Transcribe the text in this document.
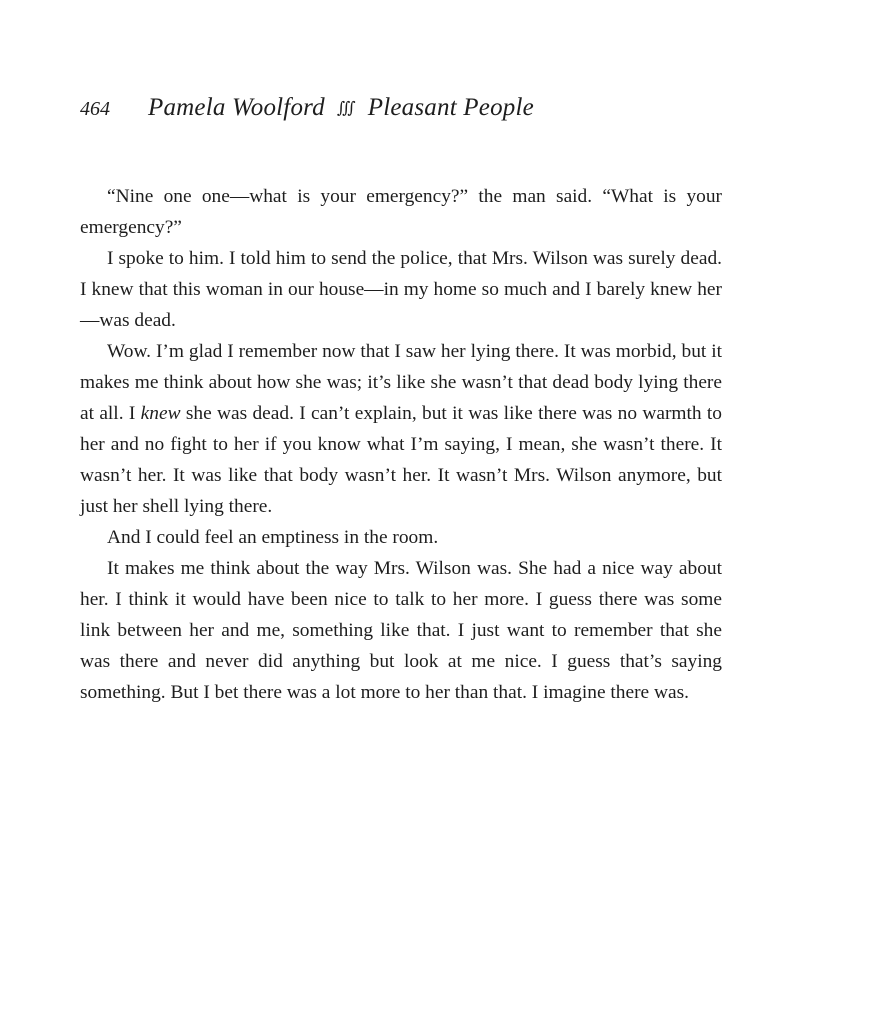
464	Pamela Woolford ∭ Pleasant People

“Nine one one—what is your emergency?” the man said. “What is your emergency?”

I spoke to him. I told him to send the police, that Mrs. Wilson was surely dead. I knew that this woman in our house—in my home so much and I barely knew her—was dead.

Wow. I’m glad I remember now that I saw her lying there. It was morbid, but it makes me think about how she was; it’s like she wasn’t that dead body lying there at all. I knew she was dead. I can’t explain, but it was like there was no warmth to her and no fight to her if you know what I’m saying, I mean, she wasn’t there. It wasn’t her. It was like that body wasn’t her. It wasn’t Mrs. Wilson anymore, but just her shell lying there.

And I could feel an emptiness in the room.

It makes me think about the way Mrs. Wilson was. She had a nice way about her. I think it would have been nice to talk to her more. I guess there was some link between her and me, something like that. I just want to remember that she was there and never did anything but look at me nice. I guess that’s saying something. But I bet there was a lot more to her than that. I imagine there was.
